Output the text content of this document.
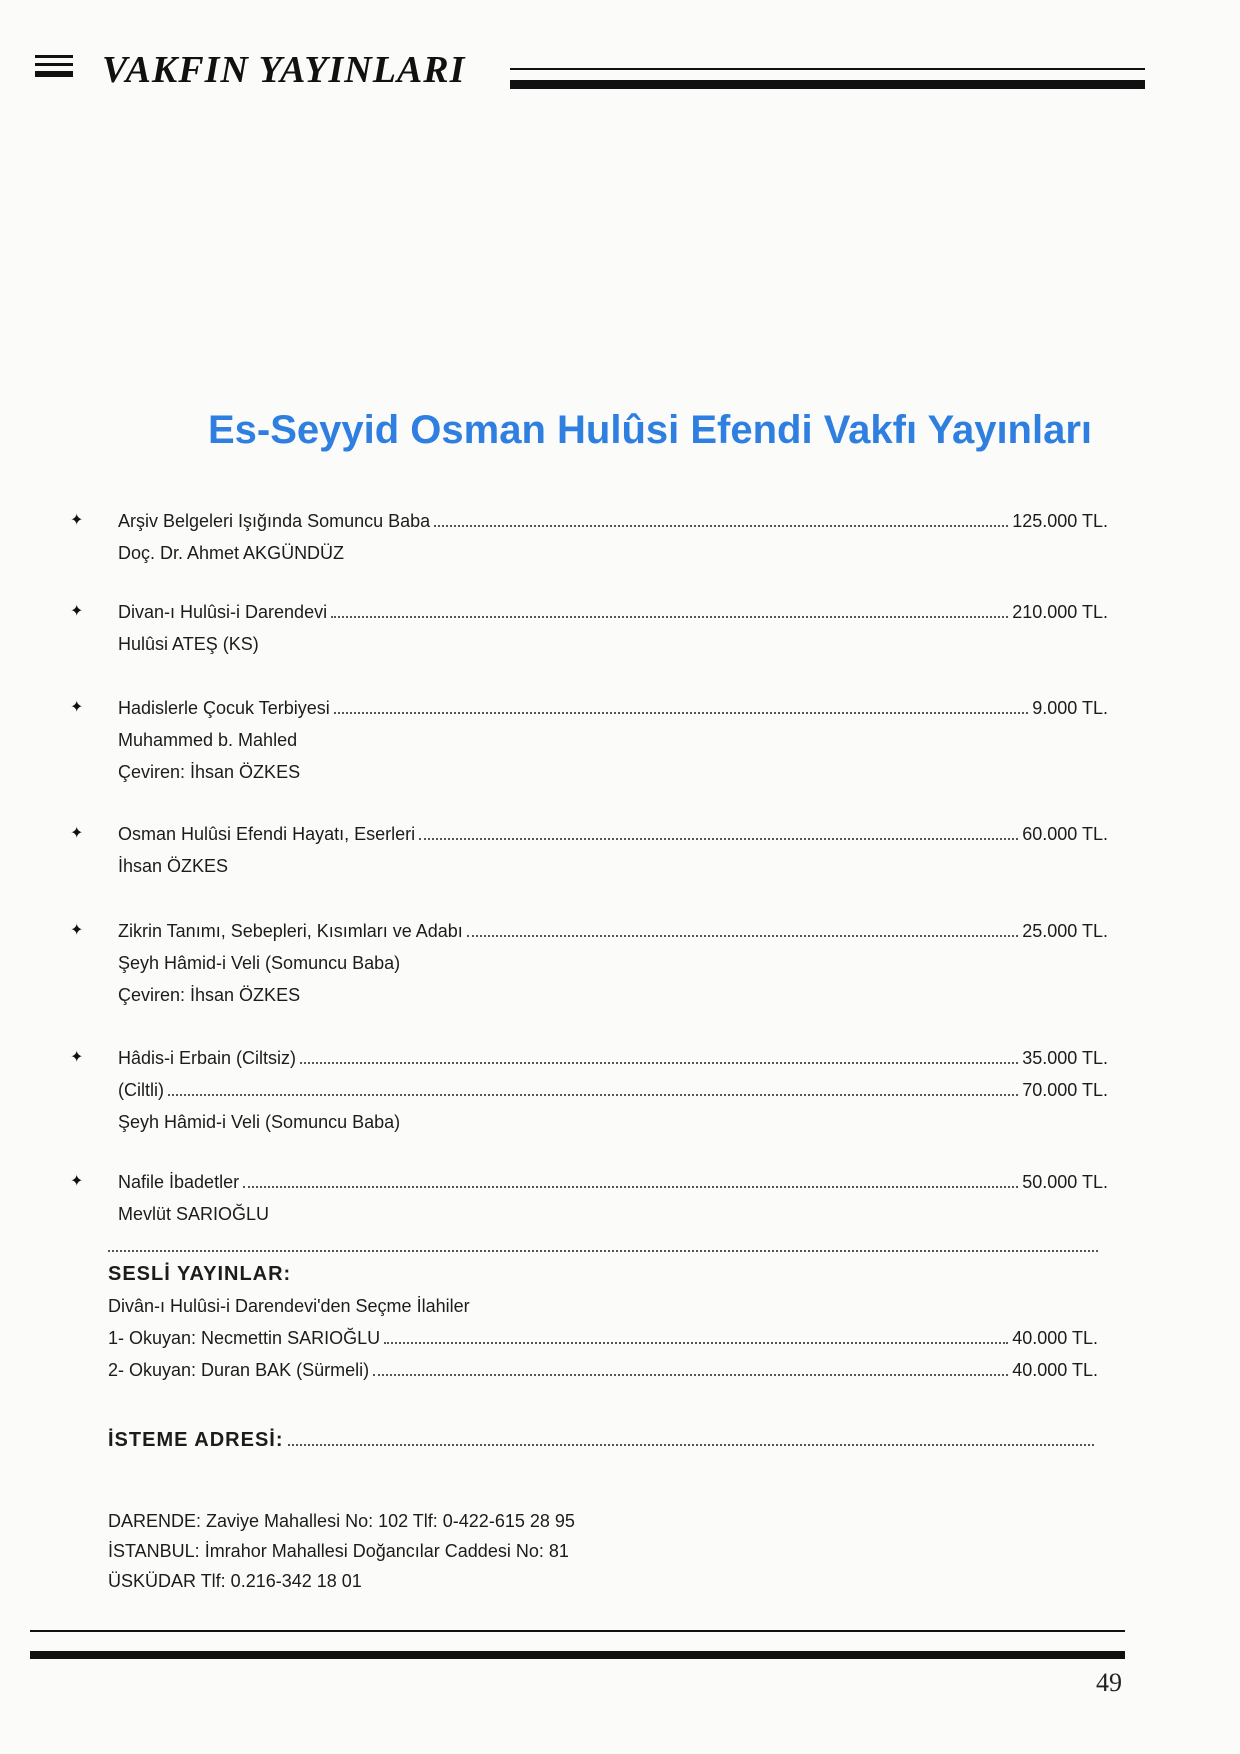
VAKFIN YAYINLARI
Es-Seyyid Osman Hulûsi Efendi Vakfı Yayınları
✦ Arşiv Belgeleri Işığında Somuncu Baba	125.000 TL.
Doç. Dr. Ahmet AKGÜNDÜZ
✦ Divan-ı Hulûsi-i Darendevi	210.000 TL.
Hulûsi ATEŞ (KS)
✦ Hadislerle Çocuk Terbiyesi	9.000 TL.
Muhammed b. Mahled
Çeviren: İhsan ÖZKES
✦ Osman Hulûsi Efendi Hayatı, Eserleri	60.000 TL.
İhsan ÖZKES
✦ Zikrin Tanımı, Sebepleri, Kısımları ve Adabı	25.000 TL.
Şeyh Hâmid-i Veli (Somuncu Baba)
Çeviren: İhsan ÖZKES
✦ Hâdis-i Erbain (Ciltsiz)	35.000 TL.
(Ciltli)	70.000 TL.
Şeyh Hâmid-i Veli (Somuncu Baba)
✦ Nafile İbadetler	50.000 TL.
Mevlüt SARIOĞLU
SESLİ YAYINLAR:
Divân-ı Hulûsi-i Darendevi'den Seçme İlahiler
1- Okuyan: Necmettin SARIOĞLU	40.000 TL.
2- Okuyan: Duran BAK (Sürmeli)	40.000 TL.
İSTEME ADRESİ:
DARENDE: Zaviye Mahallesi No: 102 Tlf: 0-422-615 28 95
İSTANBUL: İmrahor Mahallesi Doğancılar Caddesi No: 81
ÜSKÜDAR Tlf: 0.216-342 18 01
49
